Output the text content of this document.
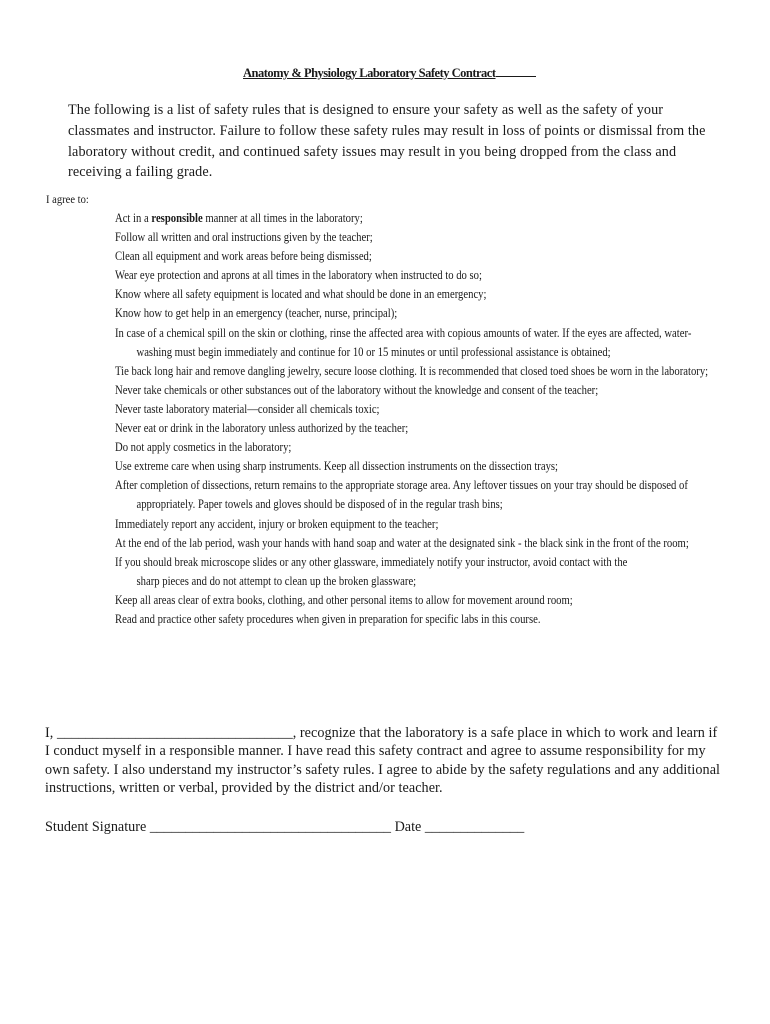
Anatomy & Physiology Laboratory Safety Contract
The following is a list of safety rules that is designed to ensure your safety as well as the safety of your classmates and instructor. Failure to follow these safety rules may result in loss of points or dismissal from the laboratory without credit, and continued safety issues may result in you being dropped from the class and receiving a failing grade.
I agree to:
Act in a responsible manner at all times in the laboratory;
Follow all written and oral instructions given by the teacher;
Clean all equipment and work areas before being dismissed;
Wear eye protection and aprons at all times in the laboratory when instructed to do so;
Know where all safety equipment is located and what should be done in an emergency;
Know how to get help in an emergency (teacher, nurse, principal);
In case of a chemical spill on the skin or clothing, rinse the affected area with copious amounts of water. If the eyes are affected, water-washing must begin immediately and continue for 10 or 15 minutes or until professional assistance is obtained;
Tie back long hair and remove dangling jewelry, secure loose clothing. It is recommended that closed toed shoes be worn in the laboratory;
Never take chemicals or other substances out of the laboratory without the knowledge and consent of the teacher;
Never taste laboratory material—consider all chemicals toxic;
Never eat or drink in the laboratory unless authorized by the teacher;
Do not apply cosmetics in the laboratory;
Use extreme care when using sharp instruments. Keep all dissection instruments on the dissection trays;
After completion of dissections, return remains to the appropriate storage area. Any leftover tissues on your tray should be disposed of appropriately. Paper towels and gloves should be disposed of in the regular trash bins;
Immediately report any accident, injury or broken equipment to the teacher;
At the end of the lab period, wash your hands with hand soap and water at the designated sink - the black sink in the front of the room;
If you should break microscope slides or any other glassware, immediately notify your instructor, avoid contact with the
sharp pieces and do not attempt to clean up the broken glassware;
Keep all areas clear of extra books, clothing, and other personal items to allow for movement around room;
Read and practice other safety procedures when given in preparation for specific labs in this course.
I, _________________________________, recognize that the laboratory is a safe place in which to work and learn if I conduct myself in a responsible manner. I have read this safety contract and agree to assume responsibility for my own safety. I also understand my instructor’s safety rules. I agree to abide by the safety regulations and any additional instructions, written or verbal, provided by the district and/or teacher.
Student Signature __________________________________ Date ______________
